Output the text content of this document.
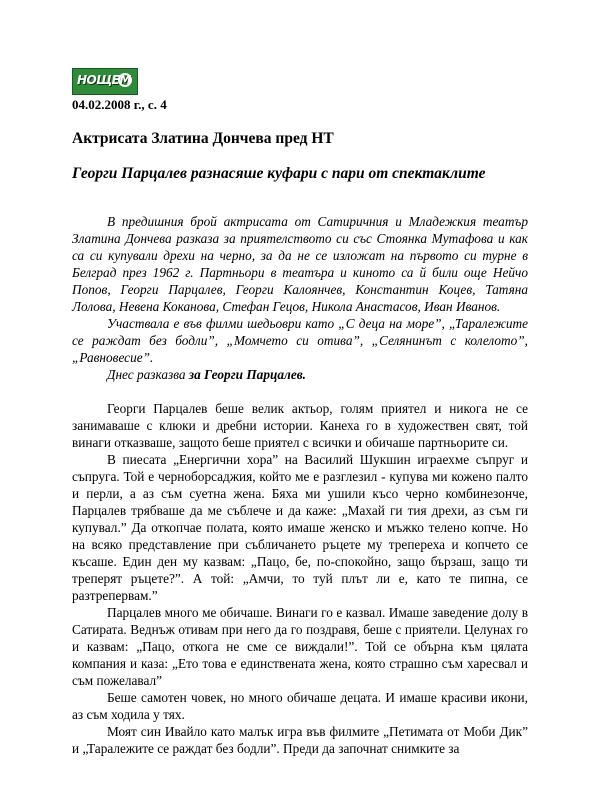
НОЩЕМ
04.02.2008 г., с. 4
Актрисата Златина Дончева пред НТ
Георги Парцалев разнасяше куфари с пари от спектаклите

В предишния брой актрисата от Сатиричния и Младежкия театър Златина Дончева разказа за приятелството си със Стоянка Мутафова и как са си купували дрехи на черно, за да не се изложат на първото си турне в Белград през 1962 г. Партньори в театъра и киното са й били още Нейчо Попов, Георги Парцалев, Георги Калоянчев, Константин Коцев, Татяна Лолова, Невена Коканова, Стефан Гецов, Никола Анастасов, Иван Иванов.

Участвала е във филми шедьоври като „С деца на море”, „Таралежите се раждат без бодли”, „Момчето си отива”, „Селянинът с колелото”, „Равновесие”.

Днес разказва за Георги Парцалев.

Георги Парцалев беше велик актьор, голям приятел и никога не се занимаваше с клюки и дребни истории. Канеха го в художествен свят, той винаги отказваше, защото беше приятел с всички и обичаше партньорите си.

В пиесата „Енергични хора” на Василий Шукшин играехме съпруг и съпруга. Той е черноборсаджия, който ме е разглезил - купува ми кожено палто и перли, а аз съм суетна жена. Бяха ми ушили късо черно комбинезонче, Парцалев трябваше да ме съблече и да каже: „Махай ги тия дрехи, аз съм ги купувал.” Да откопчае полата, която имаше женско и мъжко телено копче. Но на всяко представление при събличането ръцете му трепереха и копчето се късаше. Един ден му казвам: „Пацо, бе, по-спокойно, защо бързаш, защо ти треперят ръцете?”. А той: „Амчи, то туй плът ли е, като те пипна, се разтрепервам.”

Парцалев много ме обичаше. Винаги го е казвал. Имаше заведение долу в Сатирата. Веднъж отивам при него да го поздравя, беше с приятели. Целунах го и казвам: „Пацо, откога не сме се виждали!”. Той се обърна към цялата компания и каза: „Ето това е единствената жена, която страшно съм харесвал и съм пожелавал”

Беше самотен човек, но много обичаше децата. И имаше красиви икони, аз съм ходила у тях.

Моят син Ивайло като малък игра във филмите „Петимата от Моби Дик” и „Таралежите се раждат без бодли”. Преди да започнат снимките за
